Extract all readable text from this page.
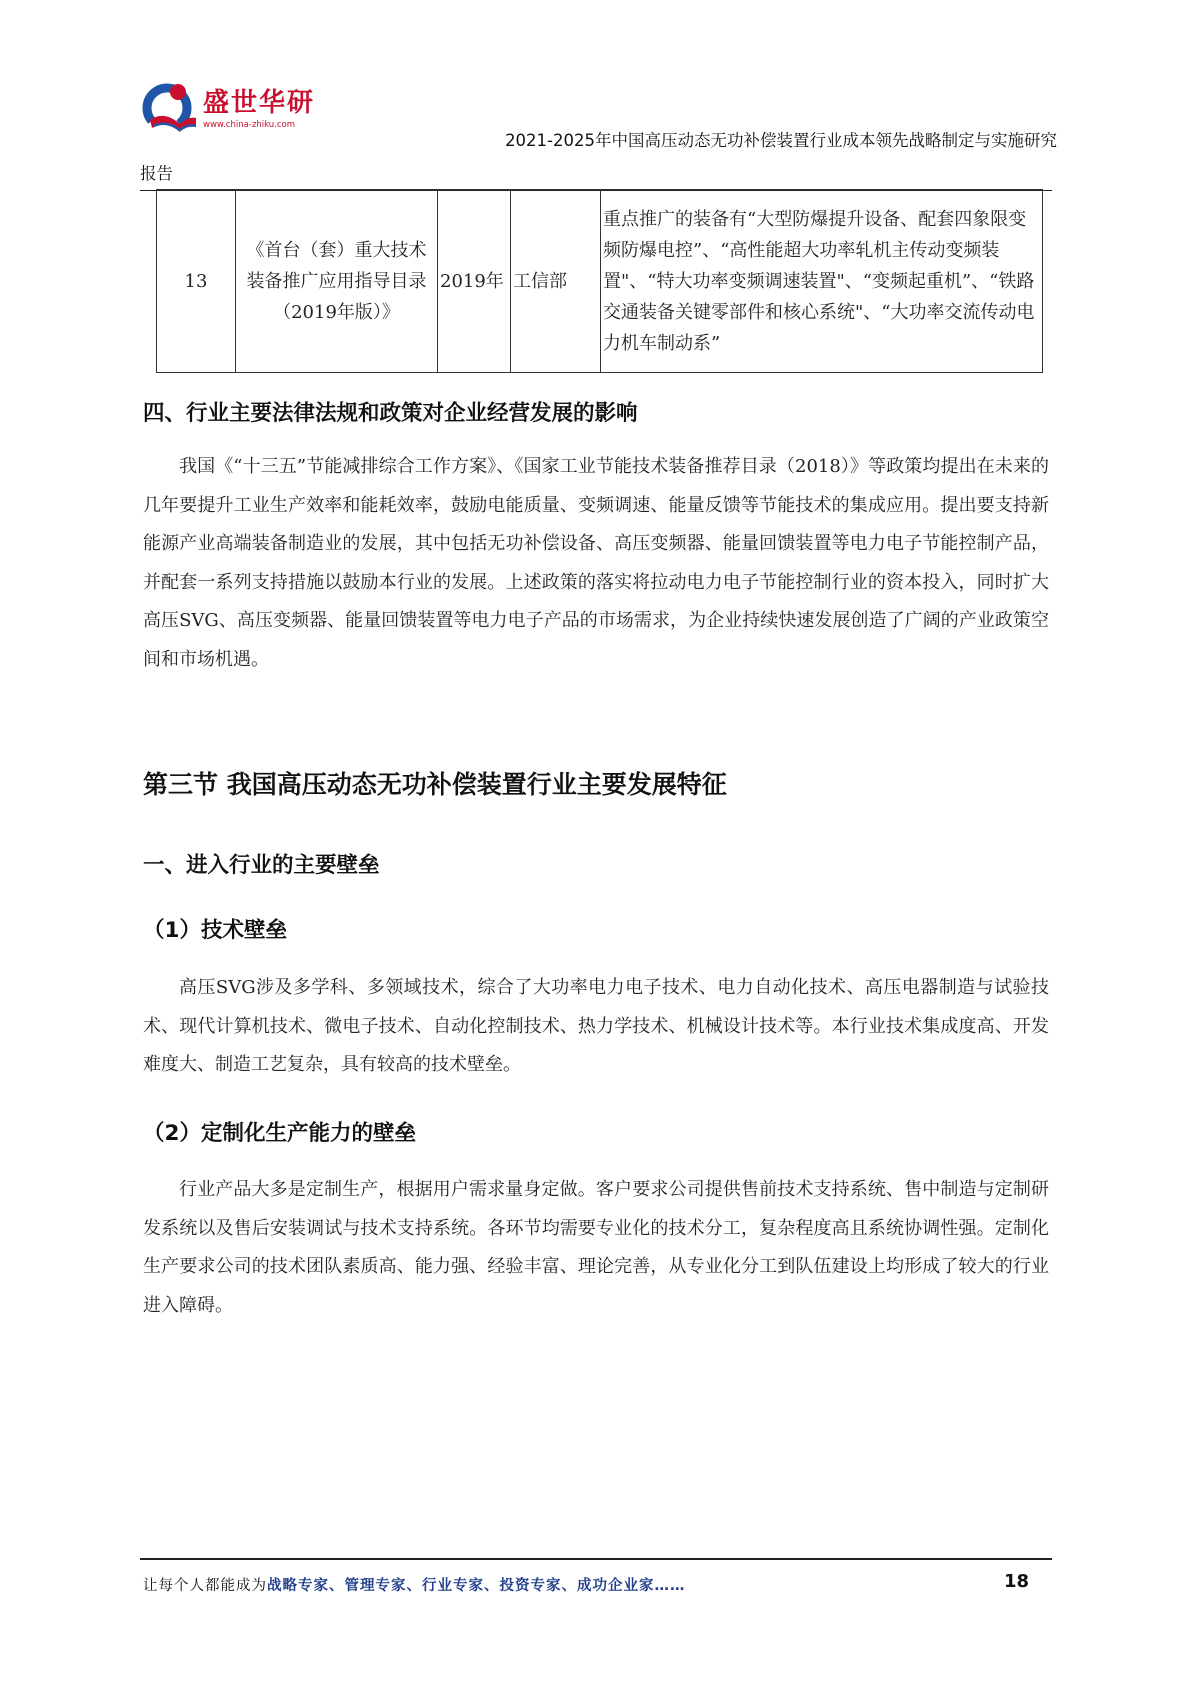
盛世华研
www.china-zhiku.com
2021-2025年中国高压动态无功补偿装置行业成本领先战略制定与实施研究
报告
13	《首台（套）重大技术装备推广应用指导目录（2019年版）》	2019年	工信部	重点推广的装备有“大型防爆提升设备、配套四象限变频防爆电控”、“高性能超大功率轧机主传动变频装置"、“特大功率变频调速装置"、“变频起重机”、“铁路交通装备关键零部件和核心系统"、“大功率交流传动电力机车制动系”
四、行业主要法律法规和政策对企业经营发展的影响

我国《“十三五”节能减排综合工作方案》、《国家工业节能技术装备推荐目录（2018）》等政策均提出在未来的几年要提升工业生产效率和能耗效率，鼓励电能质量、变频调速、能量反馈等节能技术的集成应用。提出要支持新能源产业高端装备制造业的发展，其中包括无功补偿设备、高压变频器、能量回馈装置等电力电子节能控制产品，并配套一系列支持措施以鼓励本行业的发展。上述政策的落实将拉动电力电子节能控制行业的资本投入，同时扩大高压SVG、高压变频器、能量回馈装置等电力电子产品的市场需求，为企业持续快速发展创造了广阔的产业政策空间和市场机遇。

第三节 我国高压动态无功补偿装置行业主要发展特征
一、进入行业的主要壁垒
（1）技术壁垒

高压SVG涉及多学科、多领域技术，综合了大功率电力电子技术、电力自动化技术、高压电器制造与试验技术、现代计算机技术、微电子技术、自动化控制技术、热力学技术、机械设计技术等。本行业技术集成度高、开发难度大、制造工艺复杂，具有较高的技术壁垒。

（2）定制化生产能力的壁垒

行业产品大多是定制生产，根据用户需求量身定做。客户要求公司提供售前技术支持系统、售中制造与定制研发系统以及售后安装调试与技术支持系统。各环节均需要专业化的技术分工，复杂程度高且系统协调性强。定制化生产要求公司的技术团队素质高、能力强、经验丰富、理论完善，从专业化分工到队伍建设上均形成了较大的行业进入障碍。

让每个人都能成为战略专家、管理专家、行业专家、投资专家、成功企业家……	18
